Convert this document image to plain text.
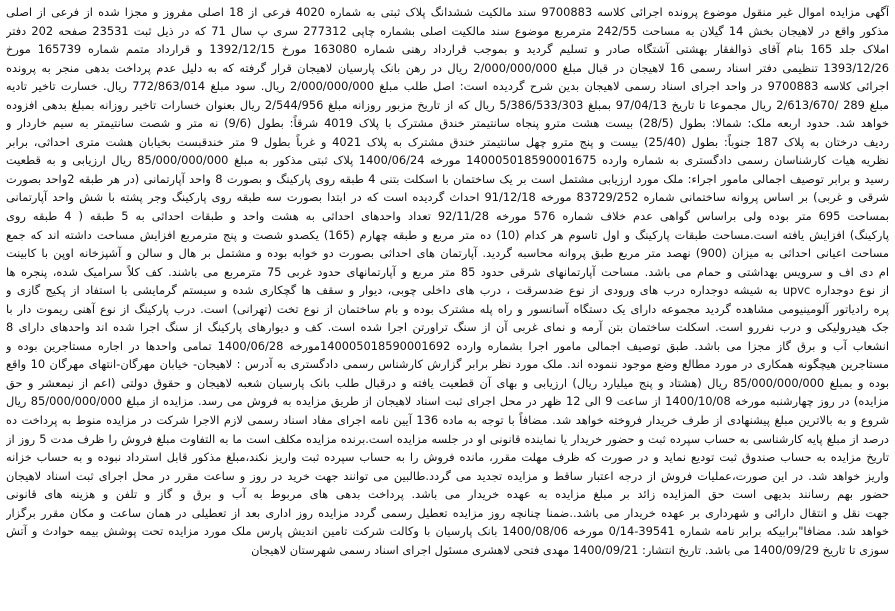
آگهی مزایده اموال غیر منقول موضوع پرونده اجرائی کلاسه 9700883 سند مالکیت ششدانگ پلاک ثبتی به شماره 4020 فرعی از 18 اصلی مفروز و مجزا شده از فرعی از اصلی
مذکور واقع در لاهیجان بخش 14 گیلان به مساحت 242/55 مترمربع موضوع سند مالکیت اصلی بشماره چاپی 277312 سری پ سال 71 که در ذیل ثبت 23531 صفحه 202 دفتر
املاک جلد 165 بنام آقای ذوالفقار بهشتی آشتگاه صادر و تسلیم گردید و بموجب قرارداد رهنی شماره 163080 مورخ 1392/12/15 و قرارداد متمم شماره 165739 مورخ
1393/12/26 تنظیمی دفتر اسناد رسمی 16 لاهیجان در قبال مبلغ 2/000/000/000 ریال در رهن بانک پارسیان لاهیجان قرار گرفته که به دلیل عدم پرداخت بدهی منجر به پرونده
اجرائی کلاسه 9700883 در واحد اجرای اسناد رسمی لاهیجان بدین شرح گردیده است: اصل طلب مبلغ 2/000/000/000 ریال. سود مبلغ 772/863/014 ریال. خسارت تاخیر تادیه
مبلغ 289 /2/613/670 ریال مجموعا تا تاریخ 97/04/13 بمبلغ 5/386/533/303 ریال که از تاریخ مزبور روزانه مبلغ 2/544/956 ریال بعنوان خسارات تاخیر روزانه بمبلغ بدهی افزوده
خواهد شد. حدود اربعه ملک: شمالا: بطول (28/5) بیست هشت مترو پنجاه سانتیمتر خندق مشترک با پلاک 4019 شرقاً: بطول (9/6) نه متر و شصت سانتیمتر به سیم خاردار و
ردیف درختان به پلاک 187 جنوباً: بطول (25/40) بیست و پنج مترو چهل سانتیمتر خندق مشترک به پلاک 4021 و غرباً بطول 9 متر خندقبست بخیابان هشت متری احداثی، برابر
نظریه هیات کارشناسان رسمی دادگستری به شماره وارده 140005018590001675 مورخه 1400/06/24 پلاک ثبتی مذکور به مبلغ 85/000/000/000 ریال ارزیابی و به قطعیت
رسید و برابر توصیف اجمالی مامور اجراء: ملک مورد ارزیابی مشتمل است بر یک ساختمان با اسکلت بتنی 4 طبقه روی پارکینگ و بصورت 8 واحد آپارتمانی (در هر طبقه 2واحد بصورت
شرقی و غربی) بر اساس پروانه ساختمانی شماره 83729/252 مورخه 91/12/18 احداث گردیده است که در ابتدا بصورت سه طبقه روی پارکینگ وجر پشته با شش واحد آپارتمانی
بمساحت 695 متر بوده ولی براساس گواهی عدم خلاف شماره 576 مورخه 92/11/28 تعداد واحدهای احداثی به هشت واحد و طبقات احداثی به 5 طبقه ( 4 طبقه روی
پارکینگ) افزایش یافته است.مساحت طبقات پارکینگ و اول تاسوم هر کدام (10) ده متر مربع و طبقه چهارم (165) یکصدو شصت و پنج مترمربع افزایش مساحت داشته اند که جمع
مساحت اعیانی احداثی به میزان (900) نهصد متر مربع طبق پروانه محاسبه گردید. آپارتمان های احداثی بصورت دو خوابه بوده و مشتمل بر هال و سالن و آشپزخانه اوپن با کابینت
ام دی اف و سرویس بهداشتی و حمام می باشد. مساحت آپارتمانهای شرقی حدود 85 متر مربع و آپارتمانهای حدود غربی 75 مترمربع می باشند. کف کلاً سرامیک شده، پنجره ها
از نوع دوجداره upvc به شیشه دوجداره درب های ورودی از نوع ضدسرقت ، درب های داخلی چوبی، دیوار و سقف ها گچکاری شده و سیستم گرمایشی با استفاد از پکیج گازی و
پره رادیاتور آلومینیومی مشاهده گردید مجموعه دارای یک دستگاه آسانسور و راه پله مشترک بوده و بام ساختمان از نوع تخت (تهرانی) است. درب پارکینگ از نوع آهنی ریموت دار با
جک هیدرولیکی و درب نفررو است. اسکلت ساختمان بتن آرمه و نمای غربی آن از سنگ تراورتن اجرا شده است. کف و دیوارهای پارکینگ از سنگ اجرا شده اند واحدهای دارای 8
انشعاب آب و برق گاز مجزا می باشد. طبق توصیف اجمالی مامور اجرا بشماره وارده 140005018590001692مورخه 1400/06/28 تمامی واحدها در اجاره مستاجرین بوده و
مستاجرین هیچگونه همکاری در مورد مطالع وضع موجود ننموده اند. ملک مورد نظر برابر گزارش کارشناس رسمی دادگستری به آدرس : لاهیجان- خیابان مهرگان-انتهای مهرگان 10 واقع
بوده و بمبلغ 85/000/000/000 ریال (هشتاد و پنج میلیارد ریال) ارزیابی و بهای آن قطعیت یافته و درقبال طلب بانک پارسیان شعبه لاهیجان و حقوق دولتی (اعم از نیمعشر و حق
مزایده) در روز چهارشنبه مورخه 1400/10/08 از ساعت 9 الی 12 ظهر در محل اجرای ثبت اسناد لاهیجان از طریق مزایده به فروش می رسد. مزایده از مبلغ 85/000/000/000 ریال
شروع و به بالاترین مبلغ پیشنهادی از طرف خریدار فروخته خواهد شد. مضافاً با توجه به ماده 136 آیین نامه اجرای مفاد اسناد رسمی لازم الاجرا شرکت در مزایده منوط به پرداخت ده
درصد از مبلغ پایه کارشناسی به حساب سپرده ثبت و حضور خریدار یا نماینده قانونی او در جلسه مزایده است.برنده مزایده مکلف است ما به التفاوت مبلغ فروش را ظرف مدت 5 روز از
تاریخ مزایده به حساب صندوق ثبت تودیع نماید و در صورت که ظرف مهلت مقرر، مانده فروش را به حساب سپرده ثبت واریز نکند،مبلغ مذکور قابل استرداد نبوده و به حساب خزانه
واریز خواهد شد. در این صورت،عملیات فروش از درجه اعتبار ساقط و مزایده تجدید می گردد.طالبین می توانند جهت خرید در روز و ساعت مقرر در محل اجرای ثبت اسناد لاهیجان
حضور بهم رسانند بدیهی است حق المزایده زائد بر مبلغ مزایده به عهده خریدار می باشد. پرداخت بدهی های مربوط به آب و برق و گاز و تلفن و هزینه های قانونی
جهت نقل و انتقال دارائی و شهرداری بر عهده خریدار می باشد..ضمنا چنانچه روز مزایده تعطیل رسمی گردد مزایده روز اداری بعد از تعطیلی در همان ساعت و مکان مقرر برگزار
خواهد شد. مضافا"برابیکه برابر نامه شماره 39541-0/14 مورخه 1400/08/06 بانک پارسیان با وکالت شرکت تامین اندیش پارس ملک مورد مزایده تحت پوشش بیمه حوادث و آتش
سوزی تا تاریخ 1400/09/29 می باشد. تاریخ انتشار: 1400/09/21 مهدی فتحی لاهشری مسئول اجرای اسناد رسمی شهرستان لاهیجان
